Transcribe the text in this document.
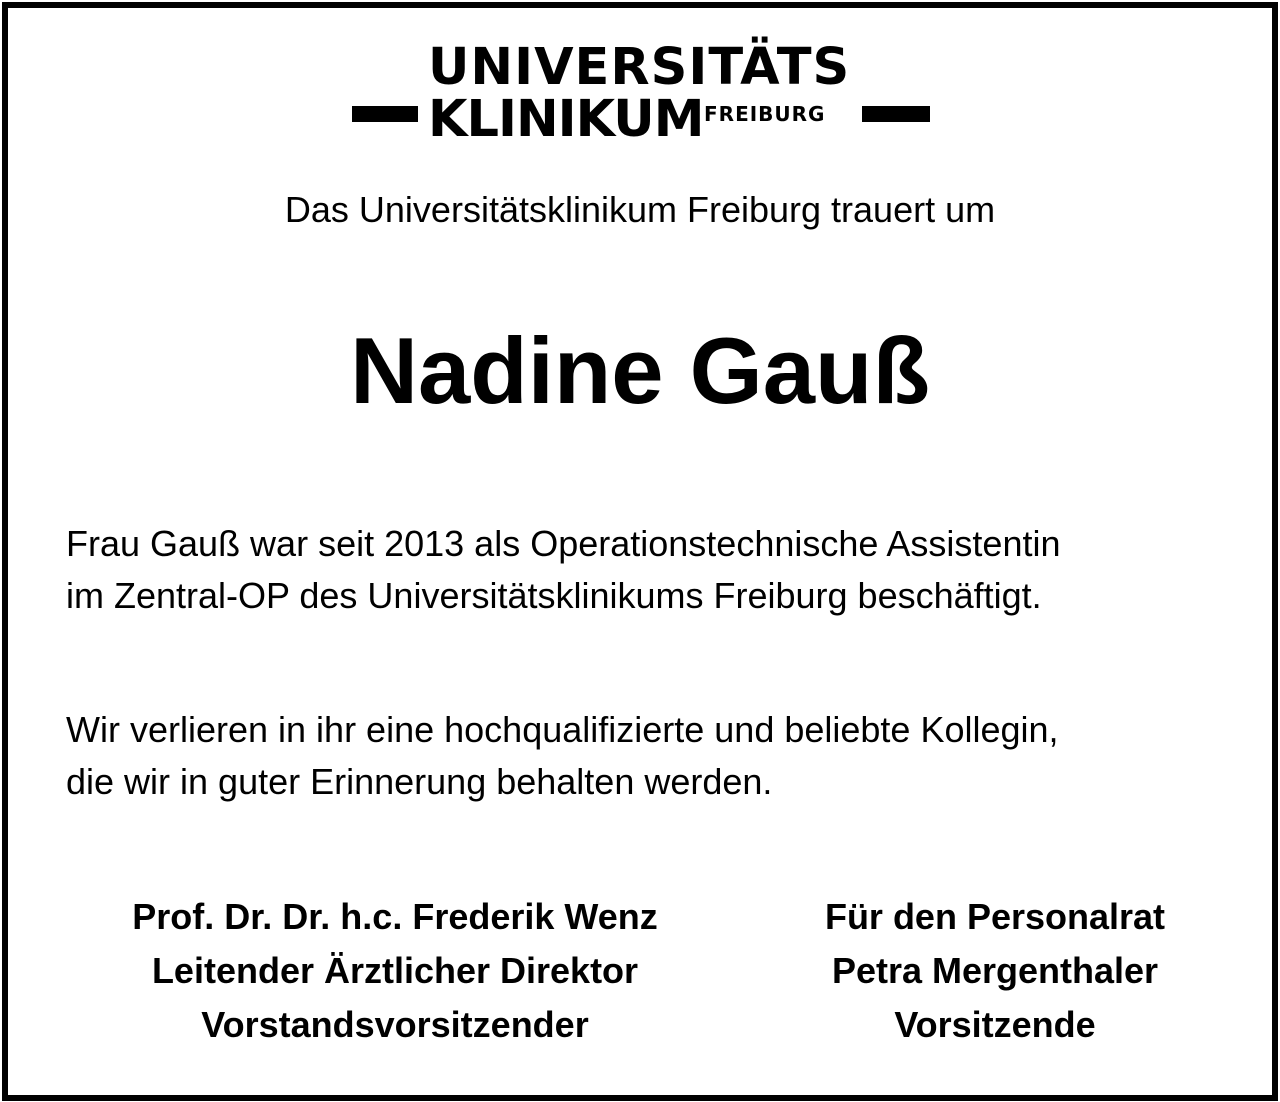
UNIVERSITÄTS
KLINIKUM FREIBURG
Das Universitätsklinikum Freiburg trauert um
Nadine Gauß
Frau Gauß war seit 2013 als Operationstechnische Assistentin
im Zentral-OP des Universitätsklinikums Freiburg beschäftigt.
Wir verlieren in ihr eine hochqualifizierte und beliebte Kollegin,
die wir in guter Erinnerung behalten werden.
Prof. Dr. Dr. h.c. Frederik Wenz
Leitender Ärztlicher Direktor
Vorstandsvorsitzender
Für den Personalrat
Petra Mergenthaler
Vorsitzende
